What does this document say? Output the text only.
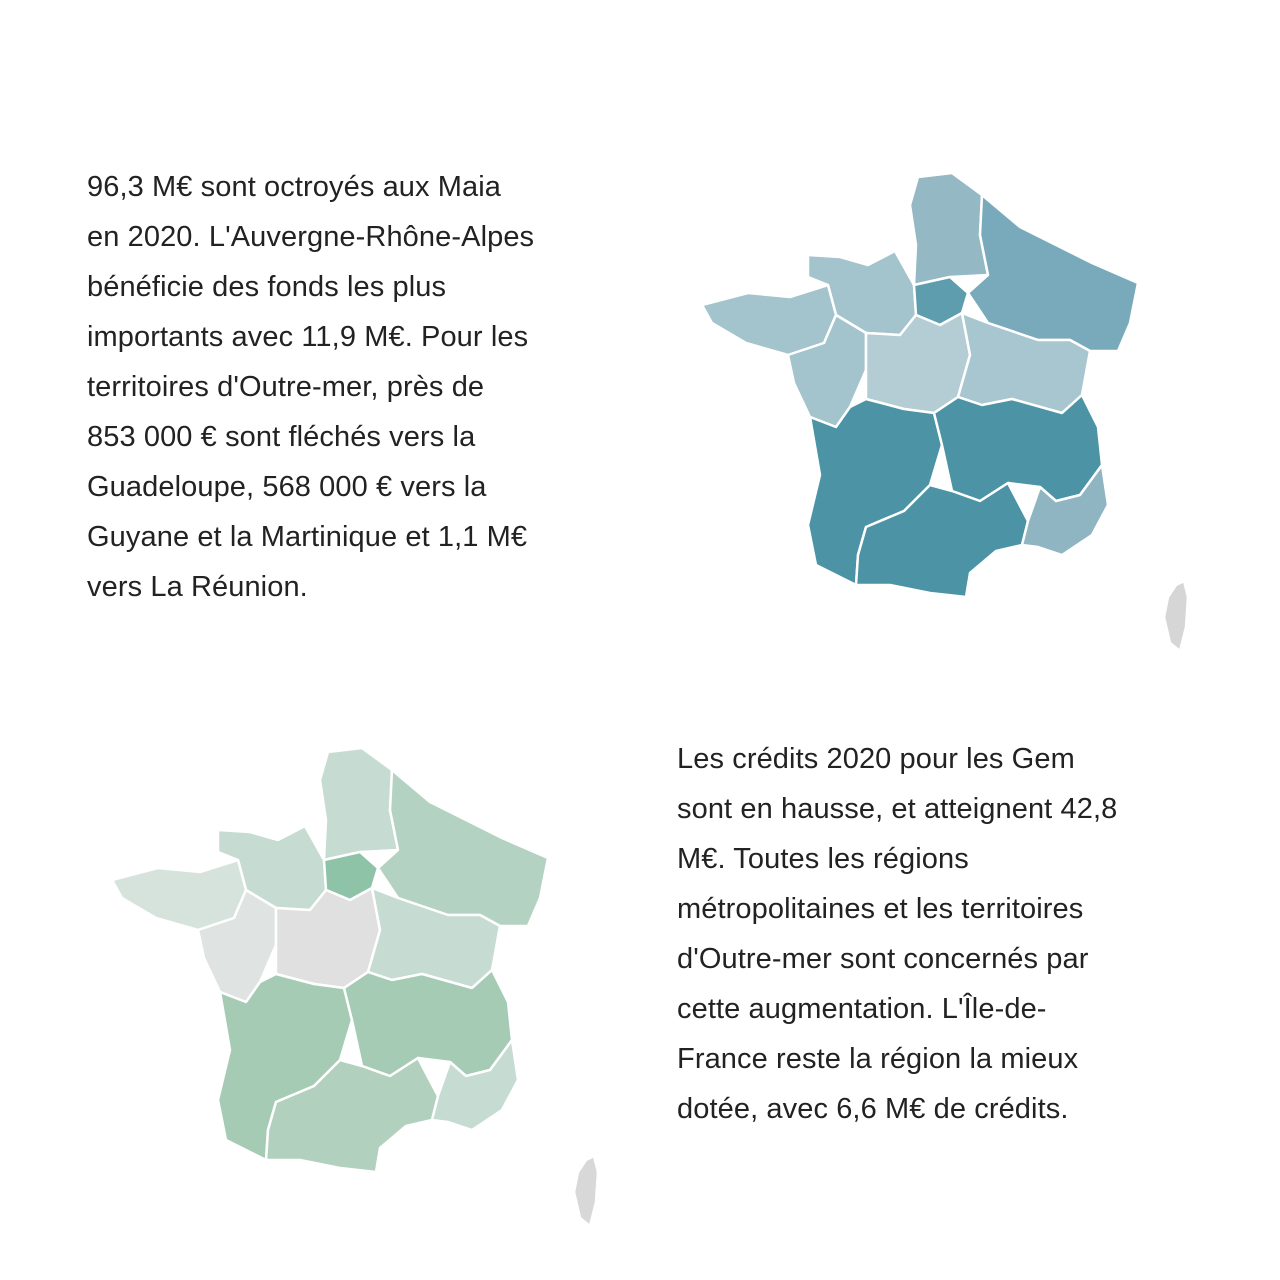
96,3 M€ sont octroyés aux Maia
en 2020. L'Auvergne-Rhône-Alpes
bénéficie des fonds les plus
importants avec 11,9 M€. Pour les
territoires d'Outre-mer, près de
853 000 € sont fléchés vers la
Guadeloupe, 568 000 € vers la
Guyane et la Martinique et 1,1 M€
vers La Réunion.
Les crédits 2020 pour les Gem
sont en hausse, et atteignent 42,8
M€. Toutes les régions
métropolitaines et les territoires
d'Outre-mer sont concernés par
cette augmentation. L'Île-de-
France reste la région la mieux
dotée, avec 6,6 M€ de crédits.
